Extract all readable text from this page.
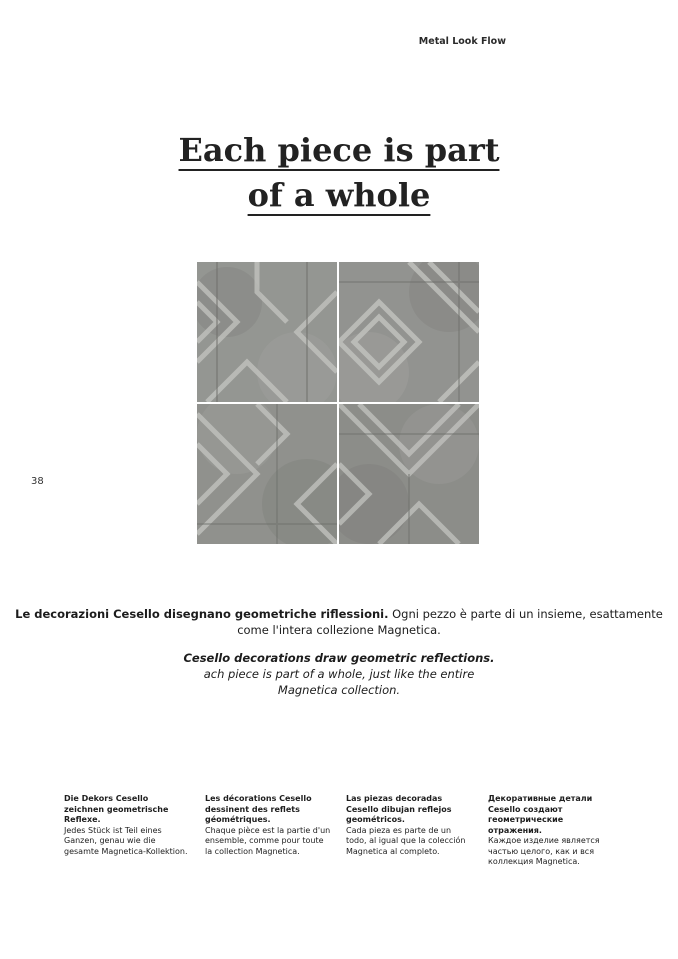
Metal Look Flow
Each piece is part
of a whole
38
Le decorazioni Cesello disegnano geometriche riflessioni. Ogni pezzo è parte di un insieme, esattamente come l'intera collezione Magnetica.
Cesello decorations draw geometric reflections.
ach piece is part of a whole, just like the entire
Magnetica collection.
Die Dekors Cesello zeichnen geometrische Reflexe.
Jedes Stück ist Teil eines Ganzen, genau wie die gesamte Magnetica-Kollektion.
Les décorations Cesello dessinent des reflets géométriques.
Chaque pièce est la partie d'un ensemble, comme pour toute la collection Magnetica.
Las piezas decoradas Cesello dibujan reflejos geométricos.
Cada pieza es parte de un todo, al igual que la colección Magnetica al completo.
Декоративные детали Cesello создают геометрические отражения.
Каждое изделие является частью целого, как и вся коллекция Magnetica.
